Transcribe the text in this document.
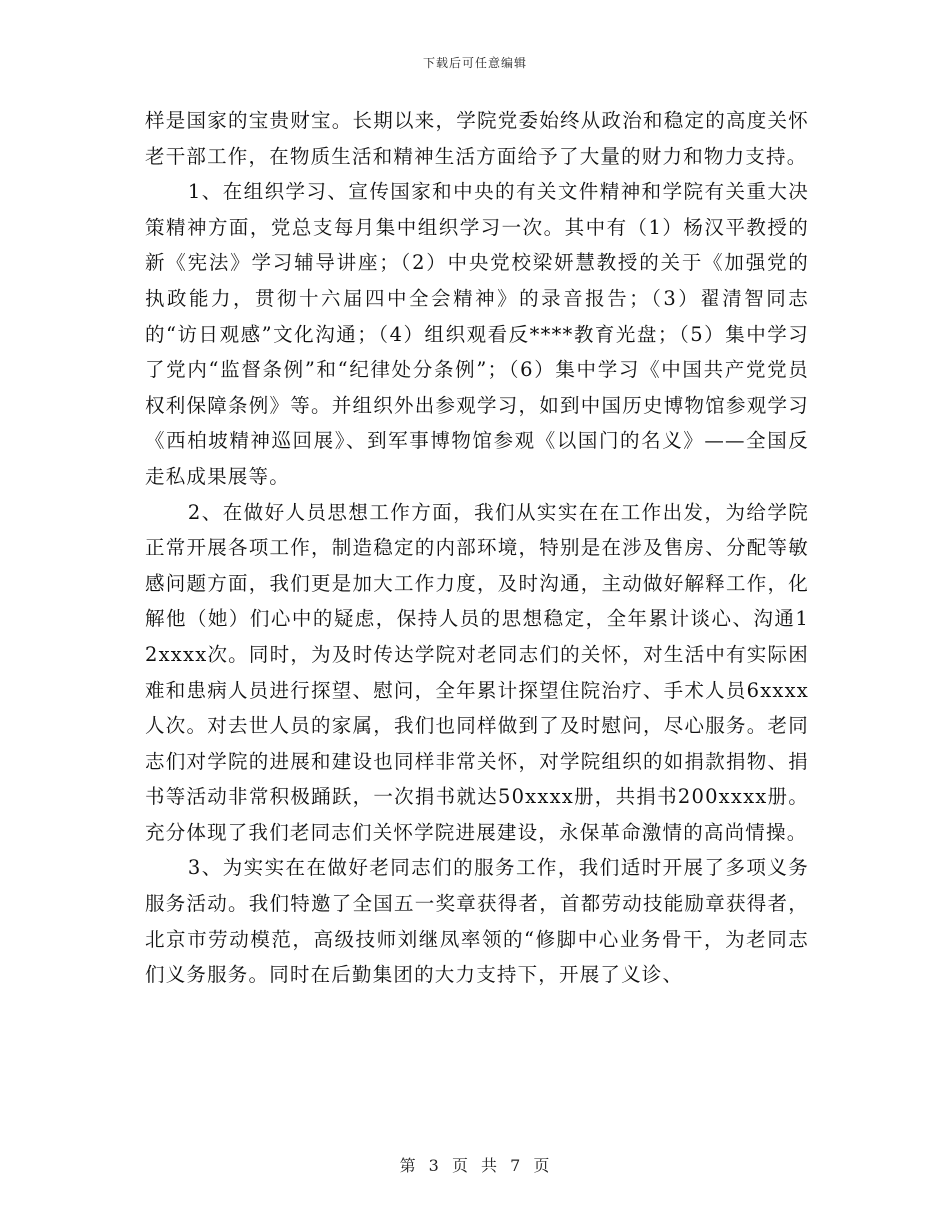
下载后可任意编辑

样是国家的宝贵财宝。长期以来，学院党委始终从政治和稳定的高度关怀老干部工作，在物质生活和精神生活方面给予了大量的财力和物力支持。

1、在组织学习、宣传国家和中央的有关文件精神和学院有关重大决策精神方面，党总支每月集中组织学习一次。其中有（1）杨汉平教授的新《宪法》学习辅导讲座；（2）中央党校梁妍慧教授的关于《加强党的执政能力，贯彻十六届四中全会精神》的录音报告；（3）翟清智同志的“访日观感”文化沟通；（4）组织观看反****教育光盘；（5）集中学习了党内“监督条例”和“纪律处分条例”；（6）集中学习《中国共产党党员权利保障条例》等。并组织外出参观学习，如到中国历史博物馆参观学习《西柏坡精神巡回展》、到军事博物馆参观《以国门的名义》——全国反走私成果展等。

2、在做好人员思想工作方面，我们从实实在在工作出发，为给学院正常开展各项工作，制造稳定的内部环境，特别是在涉及售房、分配等敏感问题方面，我们更是加大工作力度，及时沟通，主动做好解释工作，化解他（她）们心中的疑虑，保持人员的思想稳定，全年累计谈心、沟通12xxxx次。同时，为及时传达学院对老同志们的关怀，对生活中有实际困难和患病人员进行探望、慰问，全年累计探望住院治疗、手术人员6xxxx人次。对去世人员的家属，我们也同样做到了及时慰问，尽心服务。老同志们对学院的进展和建设也同样非常关怀，对学院组织的如捐款捐物、捐书等活动非常积极踊跃，一次捐书就达50xxxx册，共捐书200xxxx册。充分体现了我们老同志们关怀学院进展建设，永保革命激情的高尚情操。

3、为实实在在做好老同志们的服务工作，我们适时开展了多项义务服务活动。我们特邀了全国五一奖章获得者，首都劳动技能励章获得者，北京市劳动模范，高级技师刘继凤率领的“修脚中心业务骨干，为老同志们义务服务。同时在后勤集团的大力支持下，开展了义诊、

第 3 页 共 7 页
